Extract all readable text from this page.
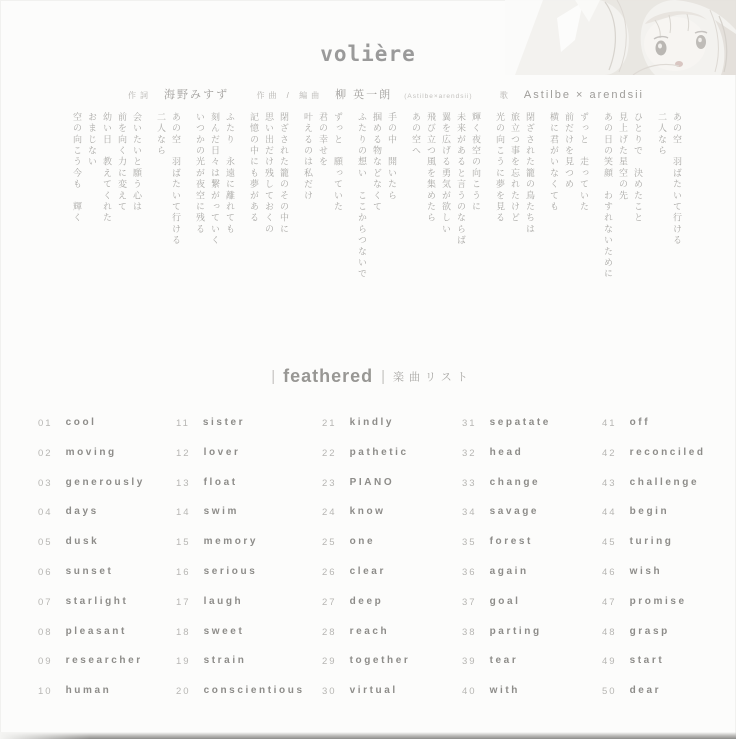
volière
作詞 海野みすず	作曲 / 編曲 柳 英一朗 (Astilbe×arendsii)	歌 Astilbe × arendsii
あの空　羽ばたいて行ける
二人なら
ひとりで　決めたこと
見上げた星空の先
あの日の笑顔　わすれないために
ずっと　走っていた
前だけを見つめ
横に君がいなくても
閉ざされた籠の鳥たちは
旅立つ事を忘れたけど
光の向こうに夢を見る
輝く夜空の向こうに
未来があると言うのならば
翼を広げる勇気が欲しい
飛び立つ風を集めたら
あの空へ
手の中　開いたら
掴める物などなくて
ふたりの想い　ここからつないで
ずっと　願っていた
君の幸せを
叶えるのは私だけ
閉ざされた籠のその中に
思い出だけ残しておくの
記憶の中にも夢がある
ふたり　永遠に離れても
刻んだ日々は繋がっていく
いつかの光が夜空に残る
あの空　羽ばたいて行ける
二人なら
会いたいと願う心は
前を向く力に変えて
幼い日　教えてくれた
おまじない
空の向こう今も　輝く
| feathered | 楽曲リスト
01 cool
02 moving
03 generously
04 days
05 dusk
06 sunset
07 starlight
08 pleasant
09 researcher
10 human
11 sister
12 lover
13 float
14 swim
15 memory
16 serious
17 laugh
18 sweet
19 strain
20 conscientious
21 kindly
22 pathetic
23 PIANO
24 know
25 one
26 clear
27 deep
28 reach
29 together
30 virtual
31 sepatate
32 head
33 change
34 savage
35 forest
36 again
37 goal
38 parting
39 tear
40 with
41 off
42 reconciled
43 challenge
44 begin
45 turing
46 wish
47 promise
48 grasp
49 start
50 dear
